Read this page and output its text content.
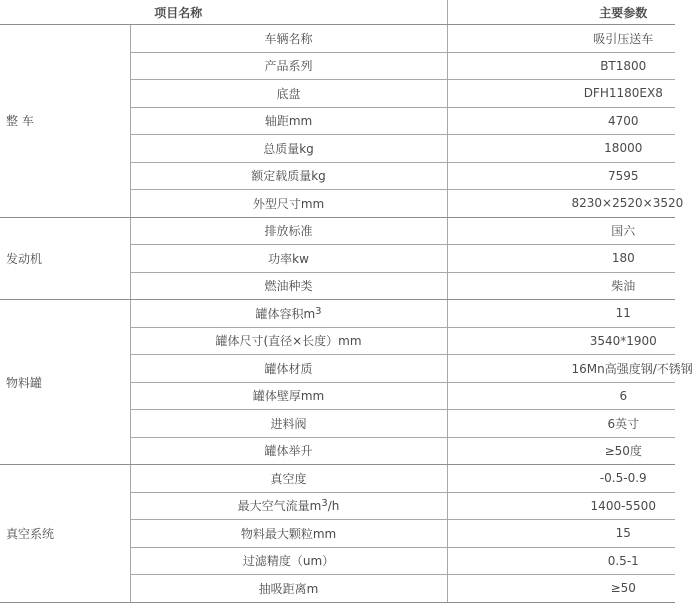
项目名称		主要参数
整 车	车辆名称	吸引压送车
	产品系列	BT1800
	底盘	DFH1180EX8
	轴距mm	4700
	总质量kg	18000
	额定载质量kg	7595
	外型尺寸mm	8230×2520×3520
发动机	排放标准	国六
	功率kw	180
	燃油种类	柴油
物料罐	罐体容积$m^3$	11
	罐体尺寸(直径×长度）mm	3540*1900
	罐体材质	16Mn高强度钢/不锈钢
	罐体壁厚mm	6
	进料阀	6英寸
	罐体举升	≥50度
真空系统	真空度	-0.5-0.9
	最大空气流量$m^3/h$	1400-5500
	物料最大颗粒mm	15
	过滤精度（um）	0.5-1
	抽吸距离m	≥50
